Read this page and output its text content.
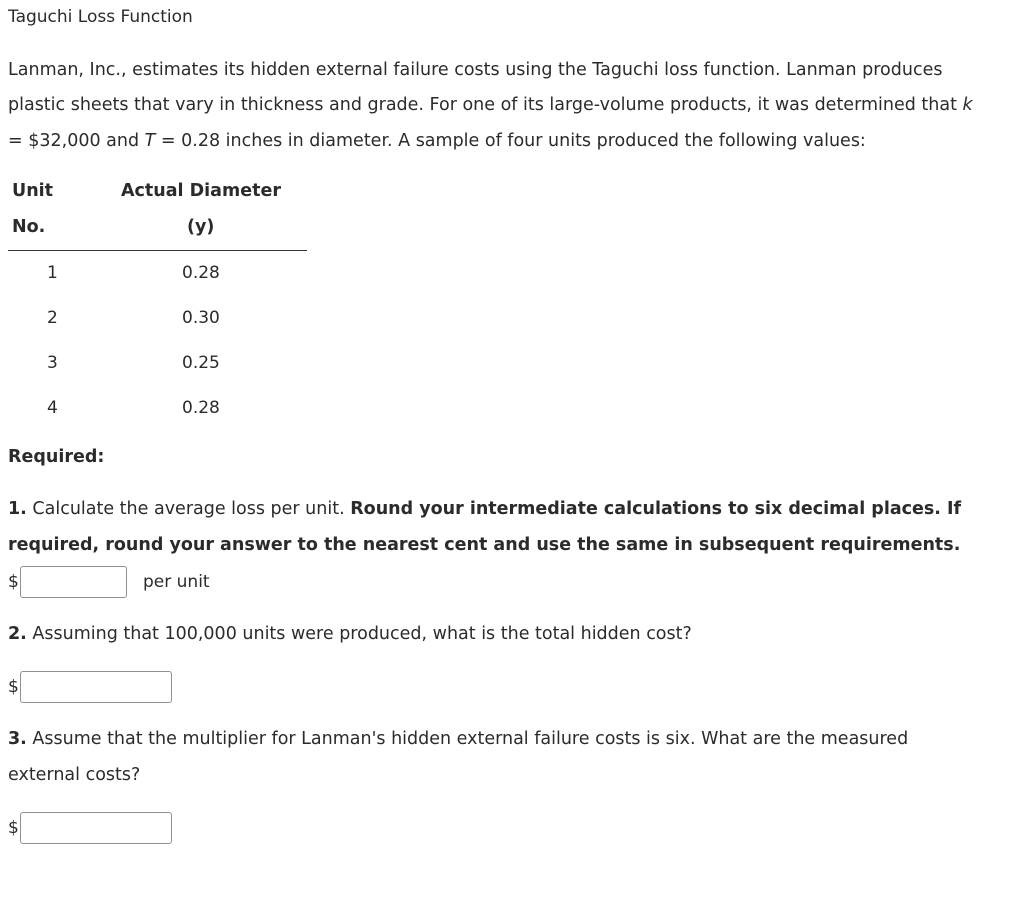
Taguchi Loss Function
Lanman, Inc., estimates its hidden external failure costs using the Taguchi loss function. Lanman produces
plastic sheets that vary in thickness and grade. For one of its large-volume products, it was determined that k
= $32,000 and T = 0.28 inches in diameter. A sample of four units produced the following values:
Unit
No.
Actual Diameter
(y)
1	0.28
2	0.30
3	0.25
4	0.28
Required:
1. Calculate the average loss per unit. Round your intermediate calculations to six decimal places. If
required, round your answer to the nearest cent and use the same in subsequent requirements.
$	per unit
2. Assuming that 100,000 units were produced, what is the total hidden cost?
$
3. Assume that the multiplier for Lanman's hidden external failure costs is six. What are the measured
external costs?
$
